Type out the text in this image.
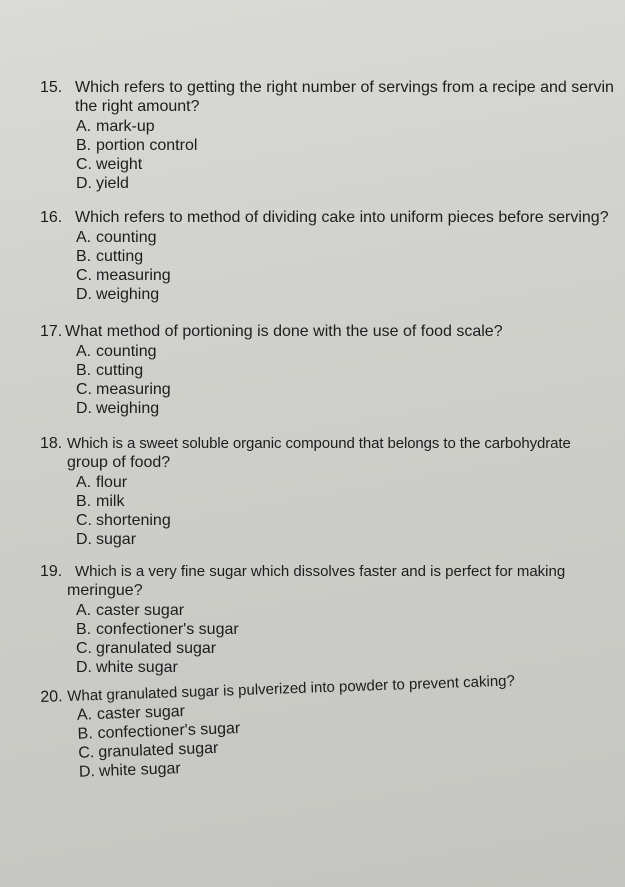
15. Which refers to getting the right number of servings from a recipe and servin
the right amount?
A. mark-up
B. portion control
C. weight
D. yield
16. Which refers to method of dividing cake into uniform pieces before serving?
A. counting
B. cutting
C. measuring
D. weighing
17. What method of portioning is done with the use of food scale?
A. counting
B. cutting
C. measuring
D. weighing
18. Which is a sweet soluble organic compound that belongs to the carbohydrate
group of food?
A. flour
B. milk
C. shortening
D. sugar
19. Which is a very fine sugar which dissolves faster and is perfect for making
meringue?
A. caster sugar
B. confectioner's sugar
C. granulated sugar
D. white sugar
20. What granulated sugar is pulverized into powder to prevent caking?
A. caster sugar
B. confectioner's sugar
C. granulated sugar
D. white sugar
